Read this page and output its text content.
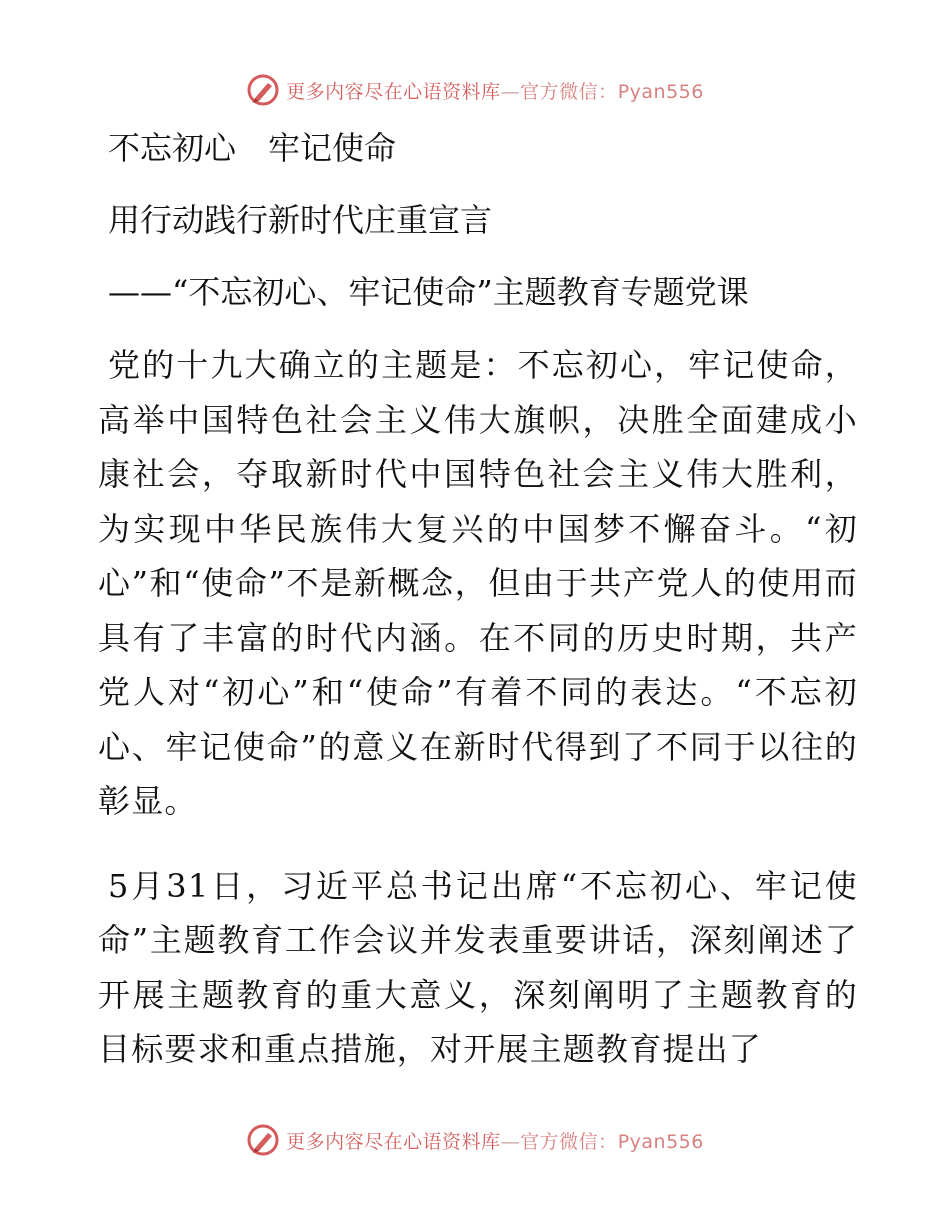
更多内容尽在心语资料库—官方微信：Pyan556
不忘初心　牢记使命
用行动践行新时代庄重宣言
——“不忘初心、牢记使命”主题教育专题党课

党的十九大确立的主题是：不忘初心，牢记使命，高举中国特色社会主义伟大旗帜，决胜全面建成小康社会，夺取新时代中国特色社会主义伟大胜利，为实现中华民族伟大复兴的中国梦不懈奋斗。“初心”和“使命”不是新概念，但由于共产党人的使用而具有了丰富的时代内涵。在不同的历史时期，共产党人对“初心”和“使命”有着不同的表达。“不忘初心、牢记使命”的意义在新时代得到了不同于以往的彰显。

5月31日，习近平总书记出席“不忘初心、牢记使命”主题教育工作会议并发表重要讲话，深刻阐述了开展主题教育的重大意义，深刻阐明了主题教育的目标要求和重点措施，对开展主题教育提出了

更多内容尽在心语资料库—官方微信：Pyan556
